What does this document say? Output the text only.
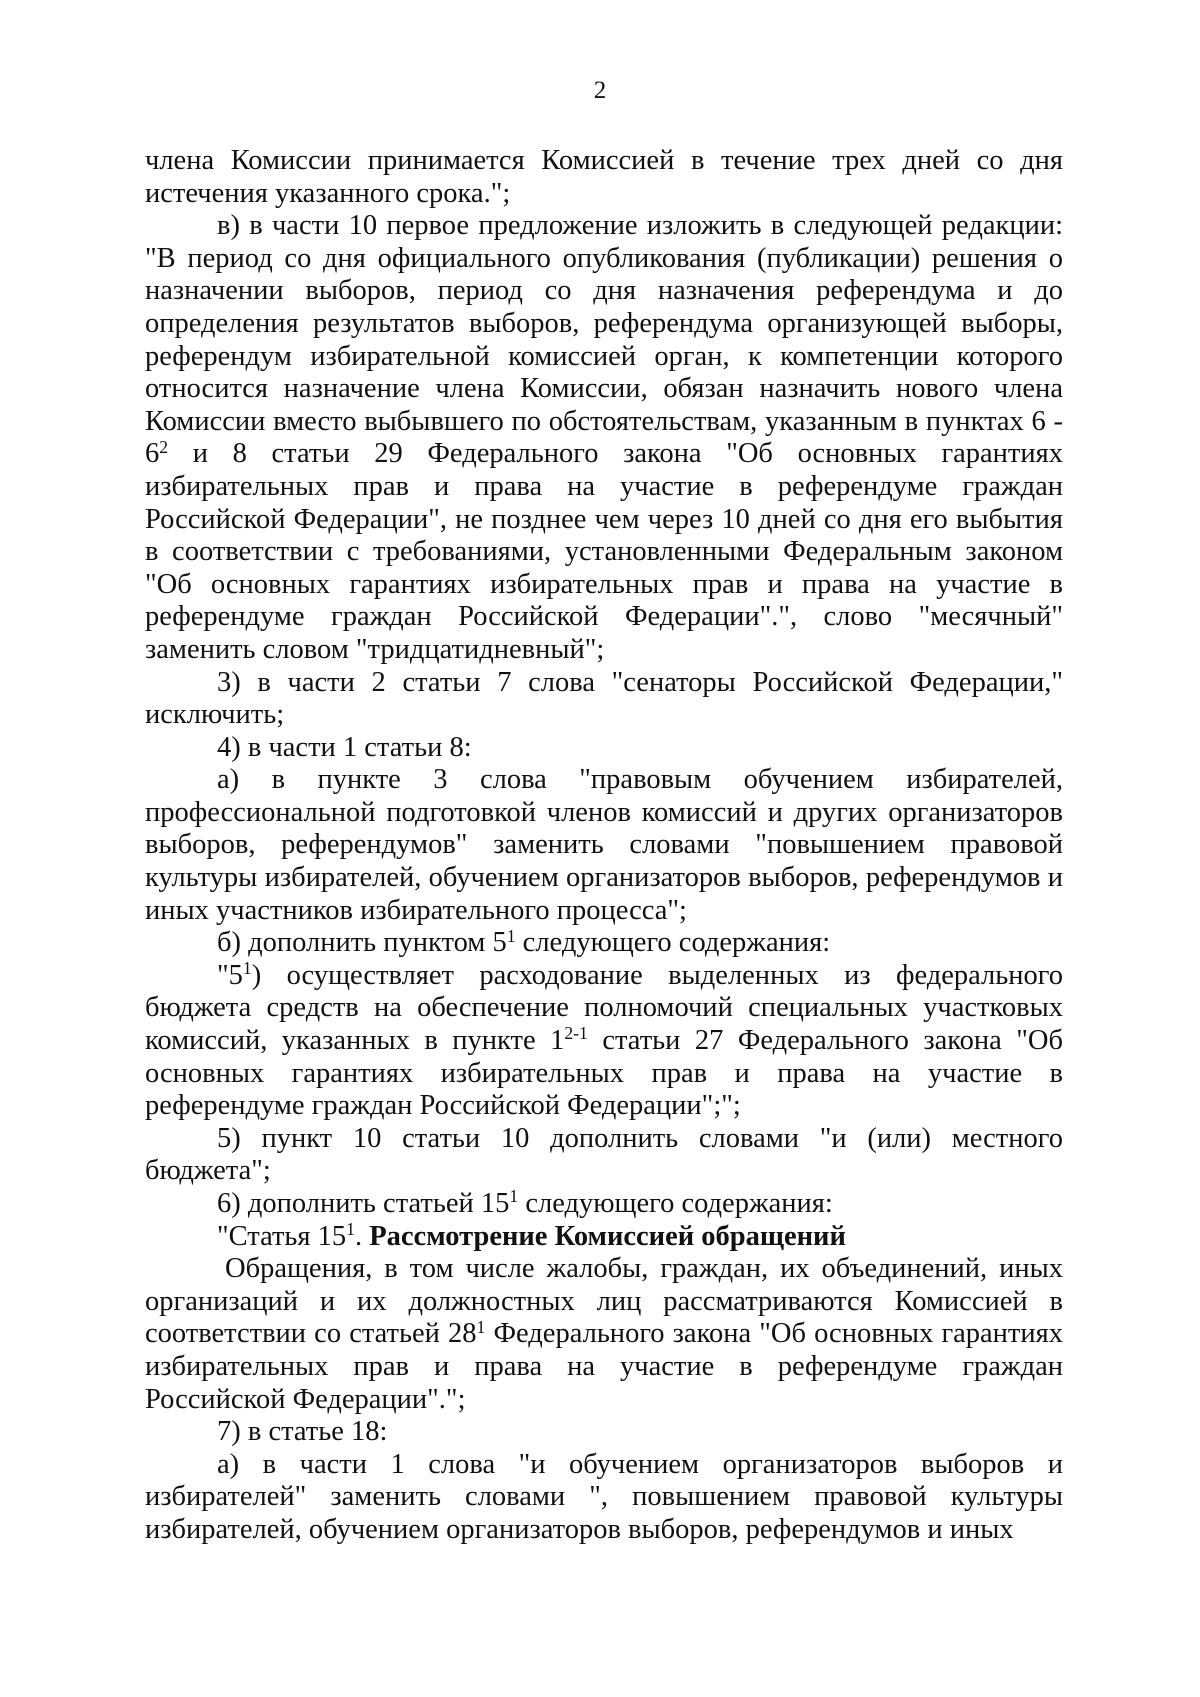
2

члена Комиссии принимается Комиссией в течение трех дней со дня истечения указанного срока.";

в) в части 10 первое предложение изложить в следующей редакции: "В период со дня официального опубликования (публикации) решения о назначении выборов, период со дня назначения референдума и до определения результатов выборов, референдума организующей выборы, референдум избирательной комиссией орган, к компетенции которого относится назначение члена Комиссии, обязан назначить нового члена Комиссии вместо выбывшего по обстоятельствам, указанным в пунктах $6 - 6^2$ и 8 статьи 29 Федерального закона "Об основных гарантиях избирательных прав и права на участие в референдуме граждан Российской Федерации", не позднее чем через 10 дней со дня его выбытия в соответствии с требованиями, установленными Федеральным законом "Об основных гарантиях избирательных прав и права на участие в референдуме граждан Российской Федерации".", слово "месячный" заменить словом "тридцатидневный";

3) в части 2 статьи 7 слова "сенаторы Российской Федерации," исключить;

4) в части 1 статьи 8:

а) в пункте 3 слова "правовым обучением избирателей, профессиональной подготовкой членов комиссий и других организаторов выборов, референдумов" заменить словами "повышением правовой культуры избирателей, обучением организаторов выборов, референдумов и иных участников избирательного процесса";

б) дополнить пунктом $5^1$ следующего содержания:

"$5^1$) осуществляет расходование выделенных из федерального бюджета средств на обеспечение полномочий специальных участковых комиссий, указанных в пункте 1$^{2-1}$ статьи 27 Федерального закона "Об основных гарантиях избирательных прав и права на участие в референдуме граждан Российской Федерации";";

5) пункт 10 статьи 10 дополнить словами "и (или) местного бюджета";

6) дополнить статьей $15^1$ следующего содержания:

"Статья $15^1$. Рассмотрение Комиссией обращений

Обращения, в том числе жалобы, граждан, их объединений, иных организаций и их должностных лиц рассматриваются Комиссией в соответствии со статьей $28^1$ Федерального закона "Об основных гарантиях избирательных прав и права на участие в референдуме граждан Российской Федерации".";

7) в статье 18:

а) в части 1 слова "и обучением организаторов выборов и избирателей" заменить словами ", повышением правовой культуры избирателей, обучением организаторов выборов, референдумов и иных
